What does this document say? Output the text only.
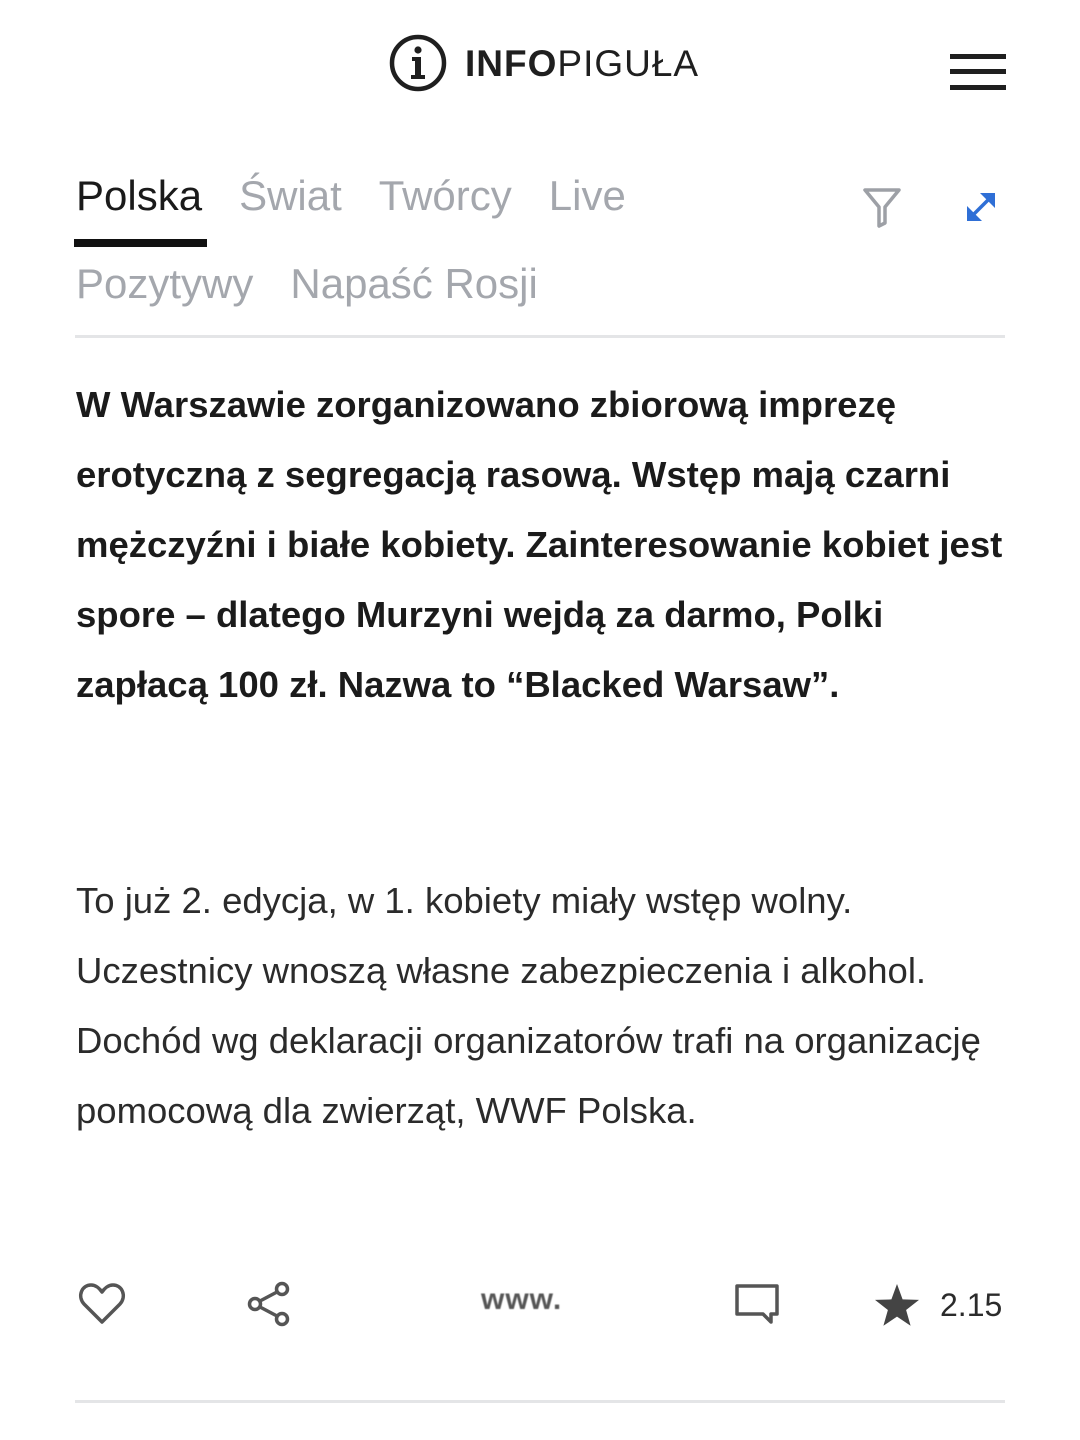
INFOPIGUŁA
Polska Świat Twórcy Live
Pozytywy Napaść Rosji

W Warszawie zorganizowano zbiorową imprezę erotyczną z segregacją rasową. Wstęp mają czarni mężczyźni i białe kobiety. Zainteresowanie kobiet jest spore – dlatego Murzyni wejdą za darmo, Polki zapłacą 100 zł. Nazwa to “Blacked Warsaw”.

To już 2. edycja, w 1. kobiety miały wstęp wolny. Uczestnicy wnoszą własne zabezpieczenia i alkohol. Dochód wg deklaracji organizatorów trafi na organizację pomocową dla zwierząt, WWF Polska.

www.	2.15
